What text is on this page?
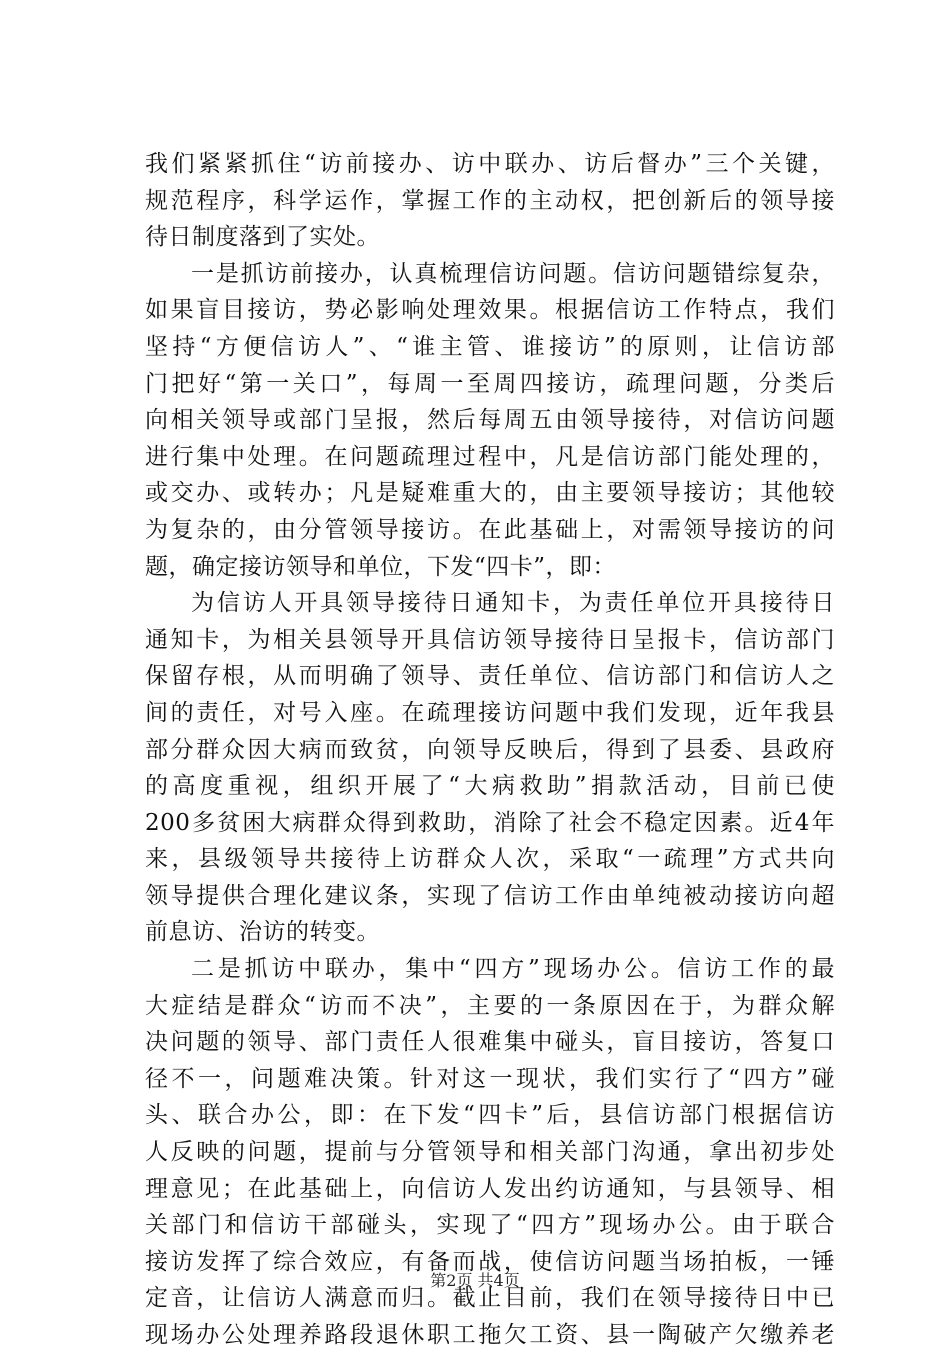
我们紧紧抓住“访前接办、访中联办、访后督办”三个关键，
规范程序，科学运作，掌握工作的主动权，把创新后的领导接
待日制度落到了实处。
一是抓访前接办，认真梳理信访问题。信访问题错综复杂，
如果盲目接访，势必影响处理效果。根据信访工作特点，我们
坚持“方便信访人”、“谁主管、谁接访”的原则，让信访部
门把好“第一关口”，每周一至周四接访，疏理问题，分类后
向相关领导或部门呈报，然后每周五由领导接待，对信访问题
进行集中处理。在问题疏理过程中，凡是信访部门能处理的，
或交办、或转办；凡是疑难重大的，由主要领导接访；其他较
为复杂的，由分管领导接访。在此基础上，对需领导接访的问
题，确定接访领导和单位，下发“四卡”，即：
为信访人开具领导接待日通知卡，为责任单位开具接待日
通知卡，为相关县领导开具信访领导接待日呈报卡，信访部门
保留存根，从而明确了领导、责任单位、信访部门和信访人之
间的责任，对号入座。在疏理接访问题中我们发现，近年我县
部分群众因大病而致贫，向领导反映后，得到了县委、县政府
的高度重视，组织开展了“大病救助”捐款活动，目前已使
200多贫困大病群众得到救助，消除了社会不稳定因素。近4年
来，县级领导共接待上访群众人次，采取“一疏理”方式共向
领导提供合理化建议条，实现了信访工作由单纯被动接访向超
前息访、治访的转变。
二是抓访中联办，集中“四方”现场办公。信访工作的最
大症结是群众“访而不决”，主要的一条原因在于，为群众解
决问题的领导、部门责任人很难集中碰头，盲目接访，答复口
径不一，问题难决策。针对这一现状，我们实行了“四方”碰
头、联合办公，即：在下发“四卡”后，县信访部门根据信访
人反映的问题，提前与分管领导和相关部门沟通，拿出初步处
理意见；在此基础上，向信访人发出约访通知，与县领导、相
关部门和信访干部碰头，实现了“四方”现场办公。由于联合
接访发挥了综合效应，有备而战，使信访问题当场拍板，一锤
定音，让信访人满意而归。截止目前，我们在领导接待日中已
现场办公处理养路段退休职工拖欠工资、县一陶破产欠缴养老
第2页 共4页
